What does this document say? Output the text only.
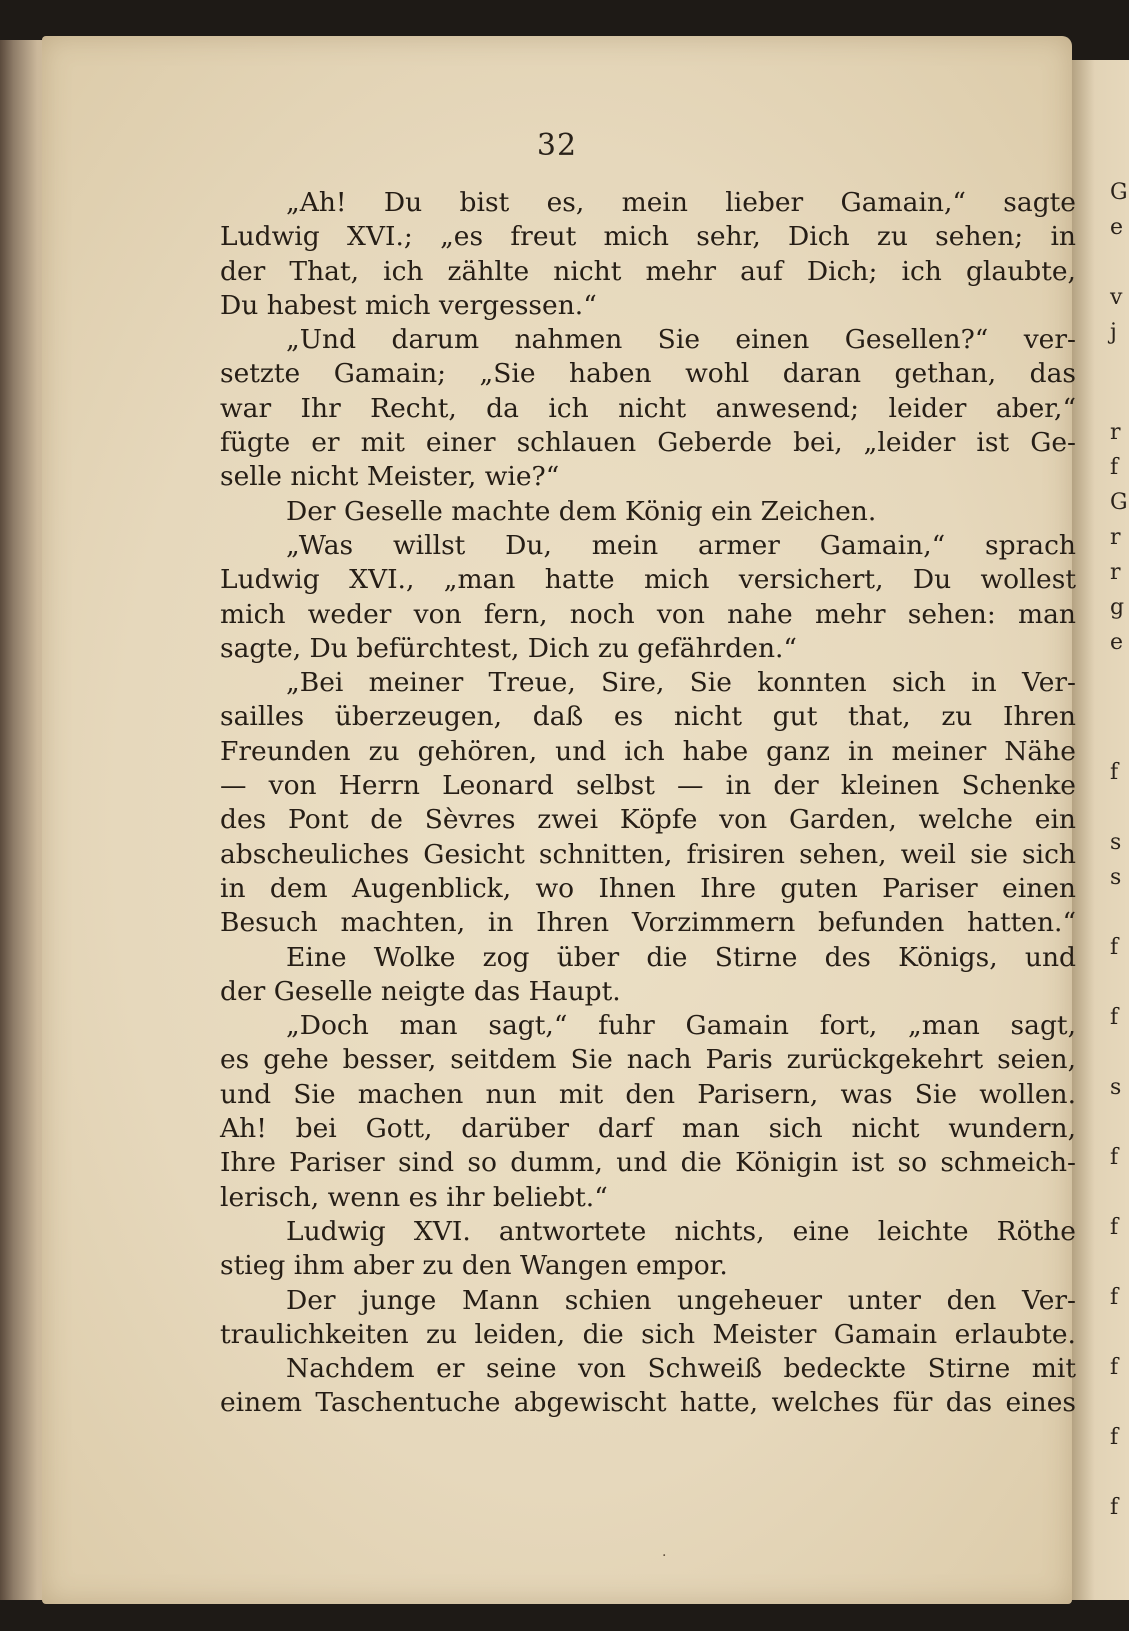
G
e
v
j
r
f
G
r
r
g
e
f
s
s
f
f
s
f
f
f
f
f
f
32
„Ah! Du bist es, mein lieber Gamain,“ sagte
Ludwig XVI.; „es freut mich sehr, Dich zu sehen; in
der That, ich zählte nicht mehr auf Dich; ich glaubte,
Du habest mich vergessen.“
„Und darum nahmen Sie einen Gesellen?“ ver-
setzte Gamain; „Sie haben wohl daran gethan, das
war Ihr Recht, da ich nicht anwesend; leider aber,“
fügte er mit einer schlauen Geberde bei, „leider ist Ge-
selle nicht Meister, wie?“
Der Geselle machte dem König ein Zeichen.
„Was willst Du, mein armer Gamain,“ sprach
Ludwig XVI., „man hatte mich versichert, Du wollest
mich weder von fern, noch von nahe mehr sehen: man
sagte, Du befürchtest, Dich zu gefährden.“
„Bei meiner Treue, Sire, Sie konnten sich in Ver-
sailles überzeugen, daß es nicht gut that, zu Ihren
Freunden zu gehören, und ich habe ganz in meiner Nähe
— von Herrn Leonard selbst — in der kleinen Schenke
des Pont de Sèvres zwei Köpfe von Garden, welche ein
abscheuliches Gesicht schnitten, frisiren sehen, weil sie sich
in dem Augenblick, wo Ihnen Ihre guten Pariser einen
Besuch machten, in Ihren Vorzimmern befunden hatten.“
Eine Wolke zog über die Stirne des Königs, und
der Geselle neigte das Haupt.
„Doch man sagt,“ fuhr Gamain fort, „man sagt,
es gehe besser, seitdem Sie nach Paris zurückgekehrt seien,
und Sie machen nun mit den Parisern, was Sie wollen.
Ah! bei Gott, darüber darf man sich nicht wundern,
Ihre Pariser sind so dumm, und die Königin ist so schmeich-
lerisch, wenn es ihr beliebt.“
Ludwig XVI. antwortete nichts, eine leichte Röthe
stieg ihm aber zu den Wangen empor.
Der junge Mann schien ungeheuer unter den Ver-
traulichkeiten zu leiden, die sich Meister Gamain erlaubte.
Nachdem er seine von Schweiß bedeckte Stirne mit
einem Taschentuche abgewischt hatte, welches für das eines
·
